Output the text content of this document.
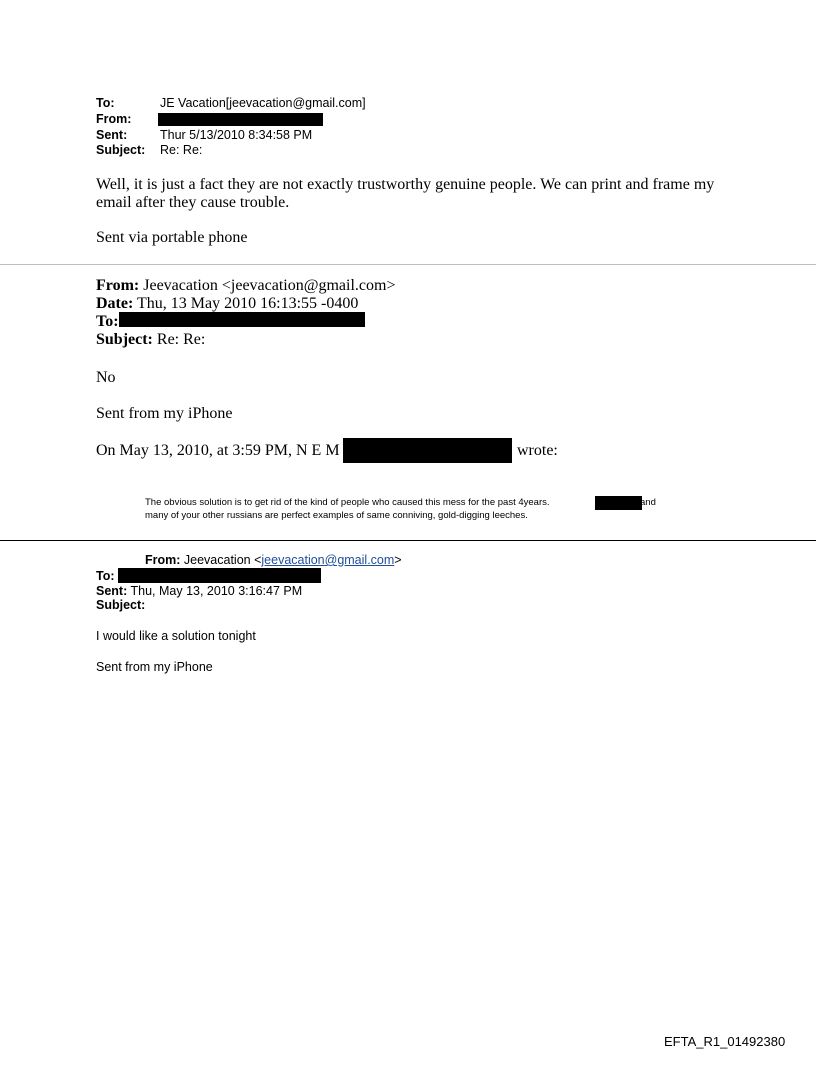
To:	JE Vacation[jeevacation@gmail.com]
From:
Sent:	Thur 5/13/2010 8:34:58 PM
Subject: Re: Re:
Well, it is just a fact they are not exactly trustworthy genuine people. We can print and frame my
email after they cause trouble.
Sent via portable phone
From: Jeevacation <jeevacation@gmail.com>
Date: Thu, 13 May 2010 16:13:55 -0400
To:
Subject: Re: Re:
No
Sent from my iPhone
On May 13, 2010, at 3:59 PM, N E M	wrote:
The obvious solution is to get rid of the kind of people who caused this mess for the past 4years.	and
many of your other russians are perfect examples of same conniving, gold-digging leeches.
From: Jeevacation <jeevacation@gmail.com>
To:
Sent: Thu, May 13, 2010 3:16:47 PM
Subject:
I would like a solution tonight
Sent from my iPhone
EFTA_R1_01492380
